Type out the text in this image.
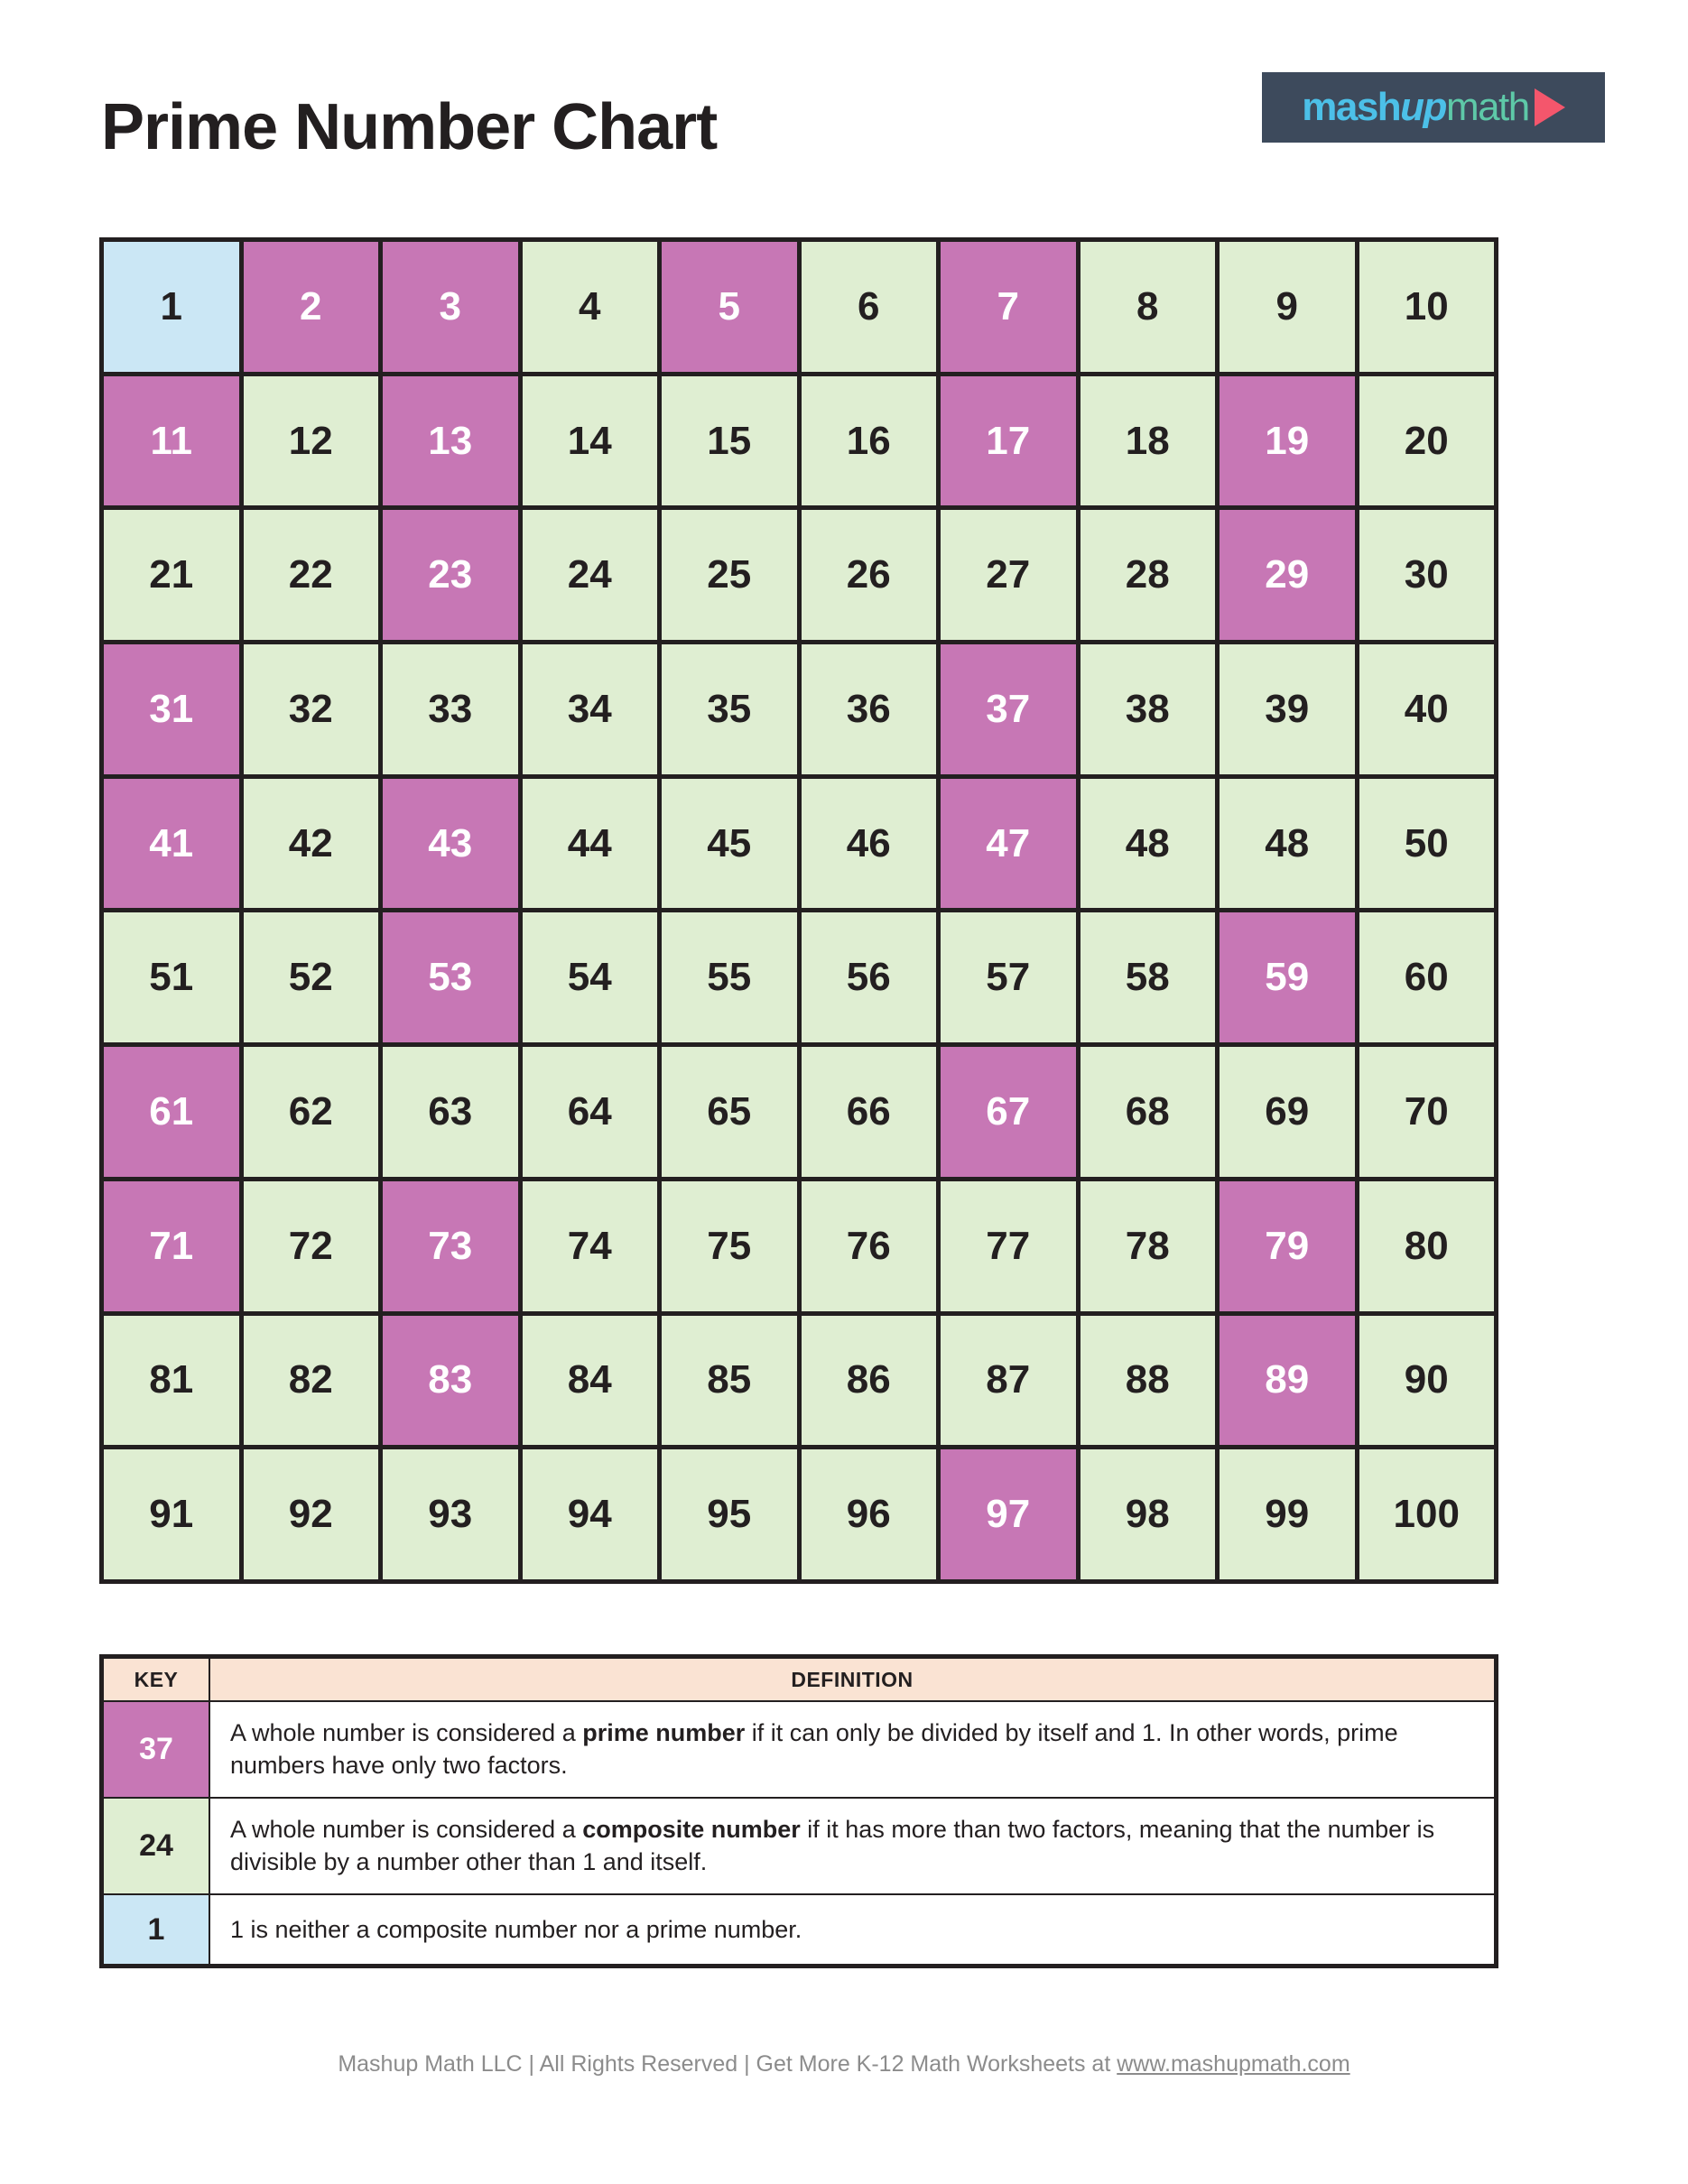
Prime Number Chart	mash up math
1	2	3	4	5	6	7	8	9	10
11	12	13	14	15	16	17	18	19	20
21	22	23	24	25	26	27	28	29	30
31	32	33	34	35	36	37	38	39	40
41	42	43	44	45	46	47	48	48	50
51	52	53	54	55	56	57	58	59	60
61	62	63	64	65	66	67	68	69	70
71	72	73	74	75	76	77	78	79	80
81	82	83	84	85	86	87	88	89	90
91	92	93	94	95	96	97	98	99	100
KEY	DEFINITION
37	A whole number is considered a prime number if it can only be divided by itself and 1. In other words, prime numbers have only two factors.
24	A whole number is considered a composite number if it has more than two factors, meaning that the number is divisible by a number other than 1 and itself.
1	1 is neither a composite number nor a prime number.
Mashup Math LLC | All Rights Reserved | Get More K-12 Math Worksheets at www.mashupmath.com
